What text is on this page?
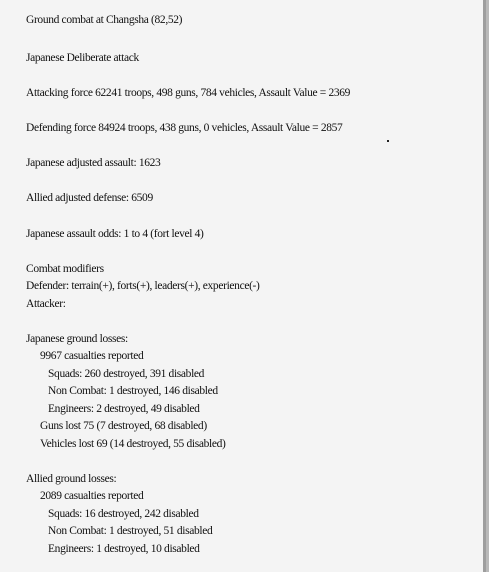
Ground combat at Changsha (82,52)
Japanese Deliberate attack
Attacking force 62241 troops, 498 guns, 784 vehicles, Assault Value = 2369
Defending force 84924 troops, 438 guns, 0 vehicles, Assault Value = 2857
Japanese adjusted assault: 1623
Allied adjusted defense: 6509
Japanese assault odds: 1 to 4 (fort level 4)
Combat modifiers
Defender: terrain(+), forts(+), leaders(+), experience(-)
Attacker:
Japanese ground losses:
9967 casualties reported
Squads: 260 destroyed, 391 disabled
Non Combat: 1 destroyed, 146 disabled
Engineers: 2 destroyed, 49 disabled
Guns lost 75 (7 destroyed, 68 disabled)
Vehicles lost 69 (14 destroyed, 55 disabled)
Allied ground losses:
2089 casualties reported
Squads: 16 destroyed, 242 disabled
Non Combat: 1 destroyed, 51 disabled
Engineers: 1 destroyed, 10 disabled
